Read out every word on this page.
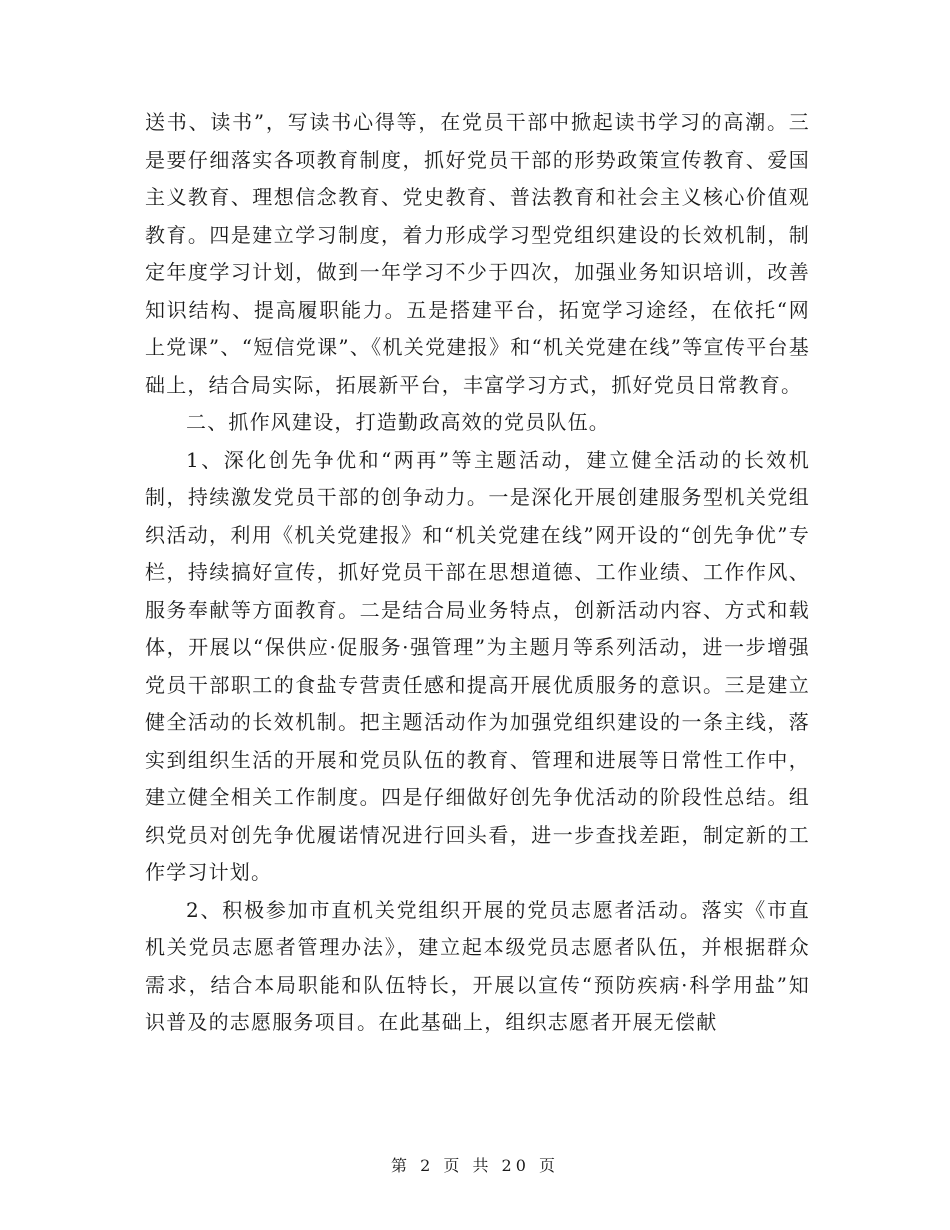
送书、读书”，写读书心得等，在党员干部中掀起读书学习的高潮。三是要仔细落实各项教育制度，抓好党员干部的形势政策宣传教育、爱国主义教育、理想信念教育、党史教育、普法教育和社会主义核心价值观教育。四是建立学习制度，着力形成学习型党组织建设的长效机制，制定年度学习计划，做到一年学习不少于四次，加强业务知识培训，改善知识结构、提高履职能力。五是搭建平台，拓宽学习途经，在依托“网上党课”、“短信党课”、《机关党建报》和“机关党建在线”等宣传平台基础上，结合局实际，拓展新平台，丰富学习方式，抓好党员日常教育。

二、抓作风建设，打造勤政高效的党员队伍。

1、深化创先争优和“两再”等主题活动，建立健全活动的长效机制，持续激发党员干部的创争动力。一是深化开展创建服务型机关党组织活动，利用《机关党建报》和“机关党建在线”网开设的“创先争优”专栏，持续搞好宣传，抓好党员干部在思想道德、工作业绩、工作作风、服务奉献等方面教育。二是结合局业务特点，创新活动内容、方式和载体，开展以“保供应·促服务·强管理”为主题月等系列活动，进一步增强党员干部职工的食盐专营责任感和提高开展优质服务的意识。三是建立健全活动的长效机制。把主题活动作为加强党组织建设的一条主线，落实到组织生活的开展和党员队伍的教育、管理和进展等日常性工作中，建立健全相关工作制度。四是仔细做好创先争优活动的阶段性总结。组织党员对创先争优履诺情况进行回头看，进一步查找差距，制定新的工作学习计划。

2、积极参加市直机关党组织开展的党员志愿者活动。落实《市直机关党员志愿者管理办法》，建立起本级党员志愿者队伍，并根据群众需求，结合本局职能和队伍特长，开展以宣传“预防疾病·科学用盐”知识普及的志愿服务项目。在此基础上，组织志愿者开展无偿献

第 2 页 共 20 页
